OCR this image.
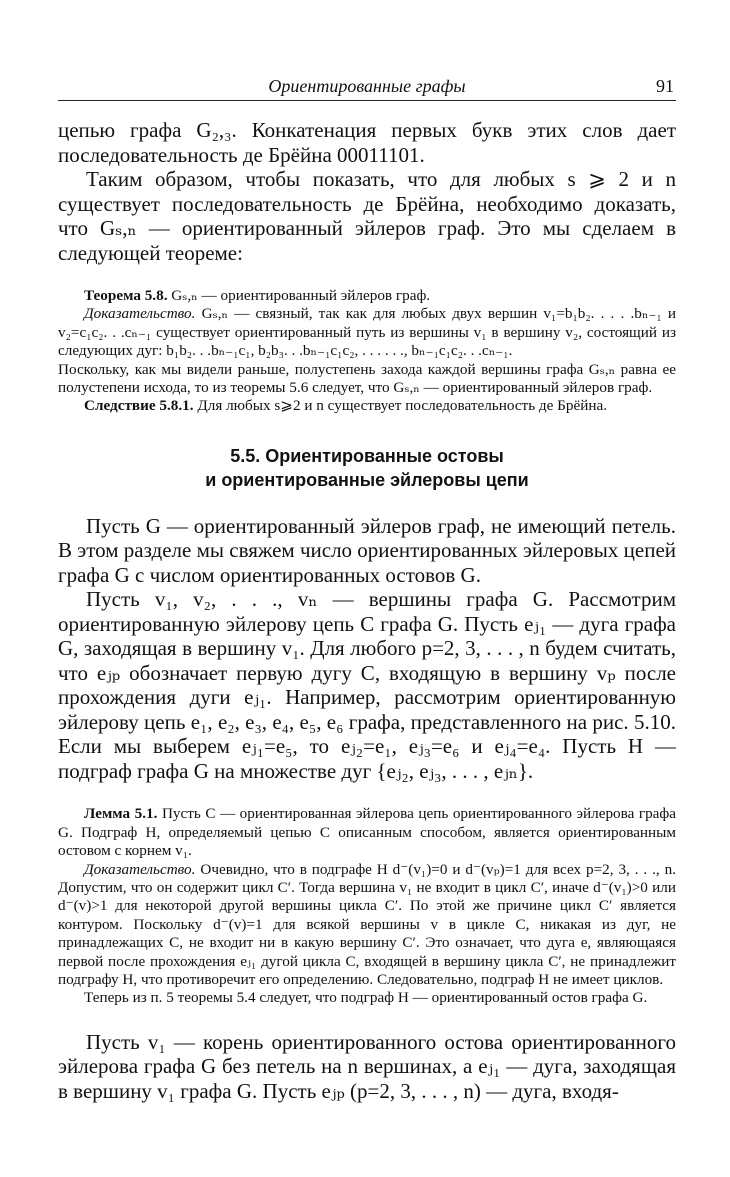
Ориентированные графы	91

цепью графа G₂,₃. Конкатенация первых букв этих слов дает последовательность де Брёйна 00011101.

Таким образом, чтобы показать, что для любых s ⩾ 2 и n существует последовательность де Брёйна, необходимо доказать, что Gₛ,ₙ — ориентированный эйлеров граф. Это мы сделаем в следующей теореме:

Теорема 5.8. Gₛ,ₙ — ориентированный эйлеров граф.

Доказательство. Gₛ,ₙ — связный, так как для любых двух вершин v₁=b₁b₂. . . . .bₙ₋₁ и v₂=c₁c₂. . .cₙ₋₁ существует ориентированный путь из вершины v₁ в вершину v₂, состоящий из следующих дуг: b₁b₂. . .bₙ₋₁c₁, b₂b₃. . .bₙ₋₁c₁c₂, . . . . . ., bₙ₋₁c₁c₂. . .cₙ₋₁.

Поскольку, как мы видели раньше, полустепень захода каждой вершины графа Gₛ,ₙ равна ее полустепени исхода, то из теоремы 5.6 следует, что Gₛ,ₙ — ориентированный эйлеров граф.

Следствие 5.8.1. Для любых s⩾2 и n существует последовательность де Брёйна.

5.5. Ориентированные остовы
и ориентированные эйлеровы цепи

Пусть G — ориентированный эйлеров граф, не имеющий петель. В этом разделе мы свяжем число ориентированных эйлеровых цепей графа G с числом ориентированных остовов G.

Пусть v₁, v₂, . . ., vₙ — вершины графа G. Рассмотрим ориентированную эйлерову цепь C графа G. Пусть eⱼ₁ — дуга графа G, заходящая в вершину v₁. Для любого p=2, 3, . . . , n будем считать, что eⱼₚ обозначает первую дугу C, входящую в вершину vₚ после прохождения дуги eⱼ₁. Например, рассмотрим ориентированную эйлерову цепь e₁, e₂, e₃, e₄, e₅, e₆ графа, представленного на рис. 5.10. Если мы выберем eⱼ₁=e₅, то eⱼ₂=e₁, eⱼ₃=e₆ и eⱼ₄=e₄. Пусть H — подграф графа G на множестве дуг {eⱼ₂, eⱼ₃, . . . , eⱼₙ}.

Лемма 5.1. Пусть C — ориентированная эйлерова цепь ориентированного эйлерова графа G. Подграф H, определяемый цепью C описанным способом, является ориентированным остовом с корнем v₁.

Доказательство. Очевидно, что в подграфе H d⁻(v₁)=0 и d⁻(vₚ)=1 для всех p=2, 3, . . ., n. Допустим, что он содержит цикл C′. Тогда вершина v₁ не входит в цикл C′, иначе d⁻(v₁)>0 или d⁻(v)>1 для некоторой другой вершины цикла C′. По этой же причине цикл C′ является контуром. Поскольку d⁻(v)=1 для всякой вершины v в цикле C, никакая из дуг, не принадлежащих C, не входит ни в какую вершину C′. Это означает, что дуга e, являющаяся первой после прохождения eⱼ₁ дугой цикла C, входящей в вершину цикла C′, не принадлежит подграфу H, что противоречит его определению. Следовательно, подграф H не имеет циклов.

Теперь из п. 5 теоремы 5.4 следует, что подграф H — ориентированный остов графа G.

Пусть v₁ — корень ориентированного остова ориентированного эйлерова графа G без петель на n вершинах, а eⱼ₁ — дуга, заходящая в вершину v₁ графа G. Пусть eⱼₚ (p=2, 3, . . . , n) — дуга, входя-
